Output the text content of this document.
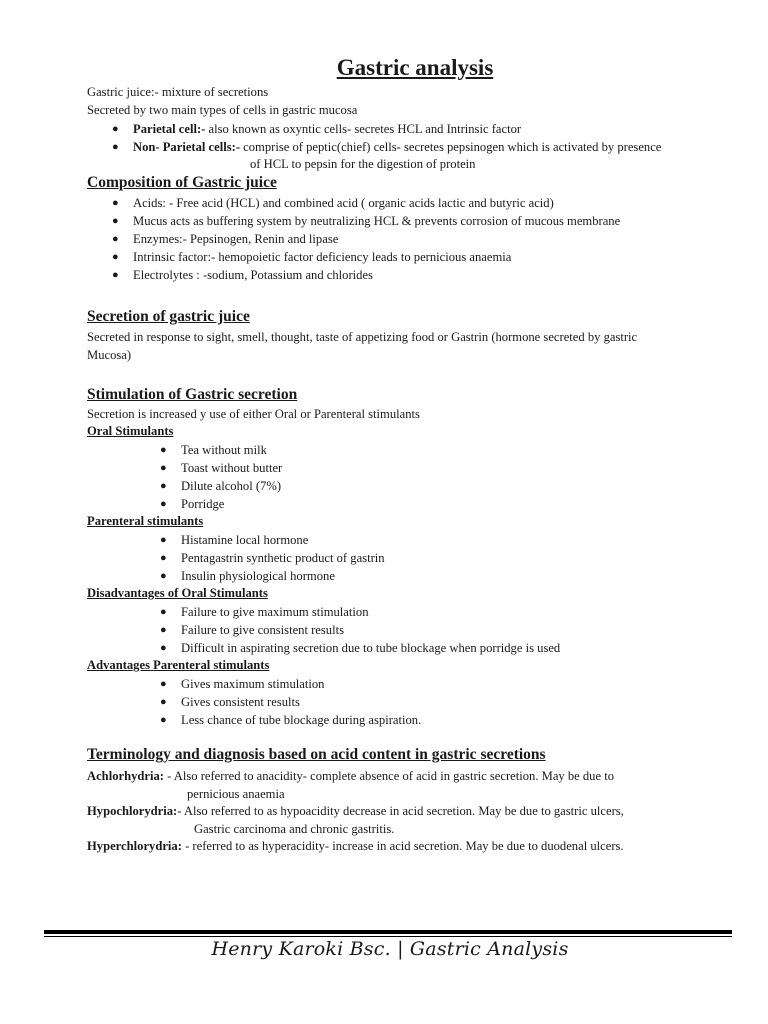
Gastric analysis
Gastric juice:- mixture of secretions
Secreted by two main types of cells in gastric mucosa
● Parietal cell:- also known as oxyntic cells- secretes HCL and Intrinsic factor
● Non- Parietal cells:- comprise of peptic(chief) cells- secretes pepsinogen which is activated by presence
of HCL to pepsin for the digestion of protein
Composition of Gastric juice
● Acids: - Free acid (HCL) and combined acid ( organic acids lactic and butyric acid)
● Mucus acts as buffering system by neutralizing HCL & prevents corrosion of mucous membrane
● Enzymes:- Pepsinogen, Renin and lipase
● Intrinsic factor:- hemopoietic factor deficiency leads to pernicious anaemia
● Electrolytes : -sodium, Potassium and chlorides
Secretion of gastric juice
Secreted in response to sight, smell, thought, taste of appetizing food or Gastrin (hormone secreted by gastric
Mucosa)
Stimulation of Gastric secretion
Secretion is increased y use of either Oral or Parenteral stimulants
Oral Stimulants
● Tea without milk
● Toast without butter
● Dilute alcohol (7%)
● Porridge
Parenteral stimulants
● Histamine local hormone
● Pentagastrin synthetic product of gastrin
● Insulin physiological hormone
Disadvantages of Oral Stimulants
● Failure to give maximum stimulation
● Failure to give consistent results
● Difficult in aspirating secretion due to tube blockage when porridge is used
Advantages Parenteral stimulants
● Gives maximum stimulation
● Gives consistent results
● Less chance of tube blockage during aspiration.
Terminology and diagnosis based on acid content in gastric secretions
Achlorhydria: - Also referred to anacidity- complete absence of acid in gastric secretion. May be due to
pernicious anaemia
Hypochlorydria:- Also referred to as hypoacidity decrease in acid secretion. May be due to gastric ulcers,
Gastric carcinoma and chronic gastritis.
Hyperchlorydria: - referred to as hyperacidity- increase in acid secretion. May be due to duodenal ulcers.
Henry Karoki Bsc. | Gastric Analysis
